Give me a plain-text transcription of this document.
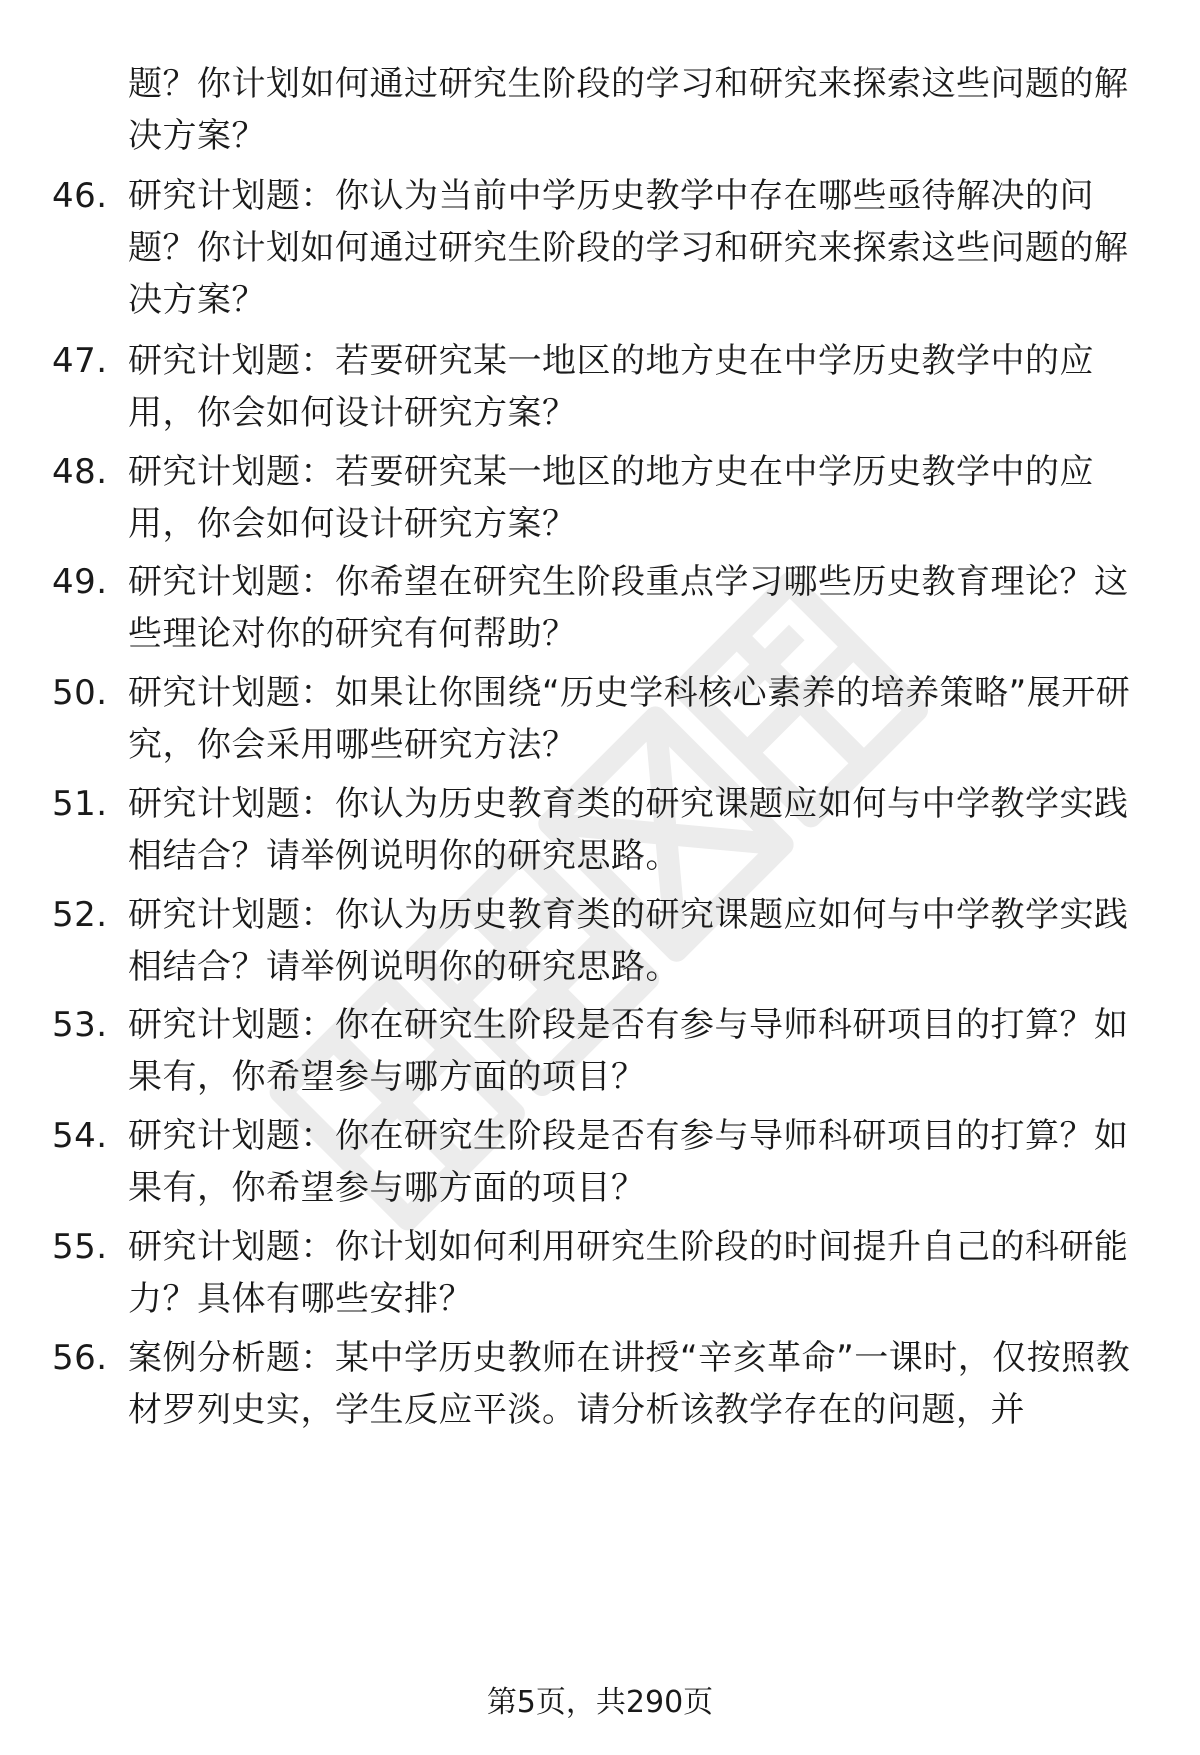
题？你计划如何通过研究生阶段的学习和研究来探索这些问题的解决方案？
46. 研究计划题：你认为当前中学历史教学中存在哪些亟待解决的问题？你计划如何通过研究生阶段的学习和研究来探索这些问题的解决方案？
47. 研究计划题：若要研究某一地区的地方史在中学历史教学中的应用，你会如何设计研究方案？
48. 研究计划题：若要研究某一地区的地方史在中学历史教学中的应用，你会如何设计研究方案？
49. 研究计划题：你希望在研究生阶段重点学习哪些历史教育理论？这些理论对你的研究有何帮助？
50. 研究计划题：如果让你围绕“历史学科核心素养的培养策略”展开研究，你会采用哪些研究方法？
51. 研究计划题：你认为历史教育类的研究课题应如何与中学教学实践相结合？请举例说明你的研究思路。
52. 研究计划题：你认为历史教育类的研究课题应如何与中学教学实践相结合？请举例说明你的研究思路。
53. 研究计划题：你在研究生阶段是否有参与导师科研项目的打算？如果有，你希望参与哪方面的项目？
54. 研究计划题：你在研究生阶段是否有参与导师科研项目的打算？如果有，你希望参与哪方面的项目？
55. 研究计划题：你计划如何利用研究生阶段的时间提升自己的科研能力？具体有哪些安排？
56. 案例分析题：某中学历史教师在讲授“辛亥革命”一课时，仅按照教材罗列史实，学生反应平淡。请分析该教学存在的问题，并
第5页，共290页
